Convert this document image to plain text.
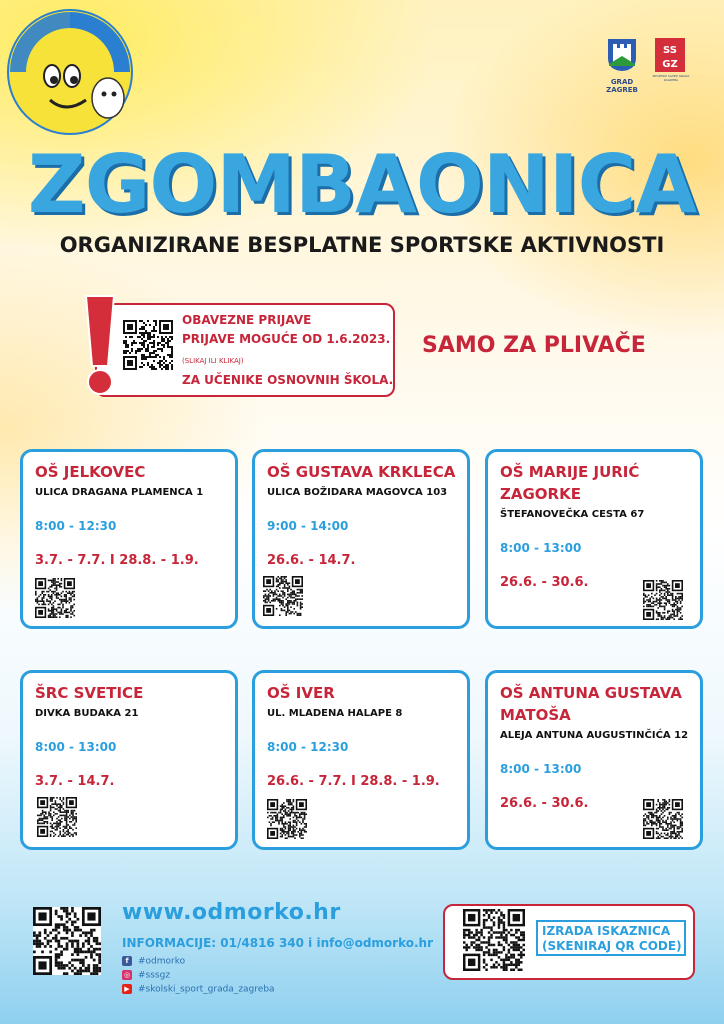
GRAD ZAGREB
SS
GZ
SPORTSKI SAVEZ GRADA ZAGREBA
ZGOMBAONICA
ORGANIZIRANE BESPLATNE SPORTSKE AKTIVNOSTI
OBAVEZNE PRIJAVE
PRIJAVE MOGUĆE OD 1.6.2023.
(SLIKAJ ILI KLIKAJ)
ZA UČENIKE OSNOVNIH ŠKOLA.
SAMO ZA PLIVAČE
OŠ JELKOVEC
ULICA DRAGANA PLAMENCA 1
8:00 - 12:30
3.7. - 7.7. I 28.8. - 1.9.
OŠ GUSTAVA KRKLECA
ULICA BOŽIDARA MAGOVCA 103
9:00 - 14:00
26.6. - 14.7.
OŠ MARIJE JURIĆ ZAGORKE
ŠTEFANOVEČKA CESTA 67
8:00 - 13:00
26.6. - 30.6.
ŠRC SVETICE
DIVKA BUDAKA 21
8:00 - 13:00
3.7. - 14.7.
OŠ IVER
UL. MLADENA HALAPE 8
8:00 - 12:30
26.6. - 7.7. I 28.8. - 1.9.
OŠ ANTUNA GUSTAVA MATOŠA
ALEJA ANTUNA AUGUSTINČIĆA 12
8:00 - 13:00
26.6. - 30.6.
www.odmorko.hr
INFORMACIJE: 01/4816 340 i info@odmorko.hr
f #odmorko
◎ #sssgz
▶ #skolski_sport_grada_zagreba
IZRADA ISKAZNICA (SKENIRAJ QR CODE)
